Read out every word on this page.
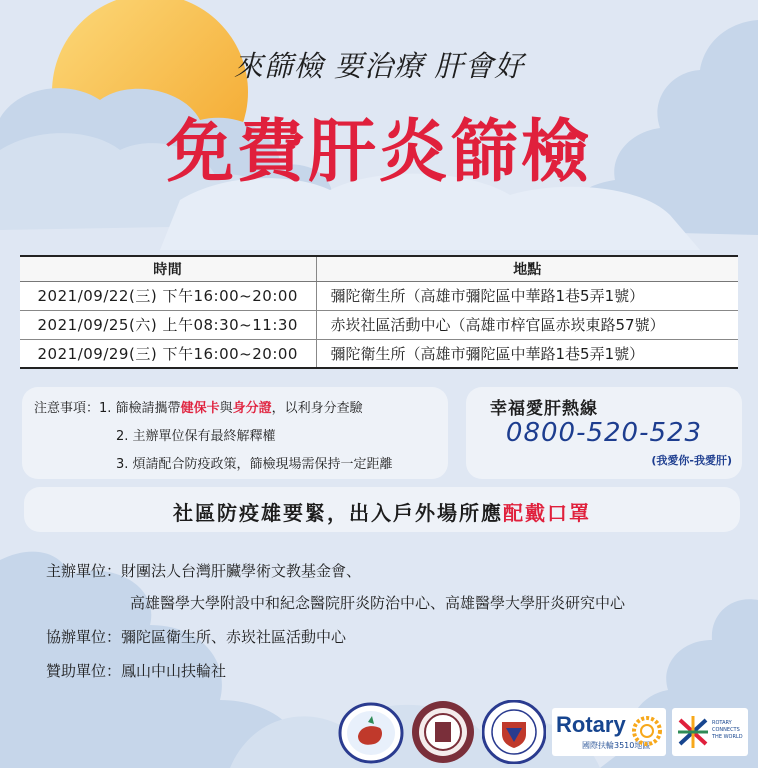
來篩檢 要治療 肝會好
免費肝炎篩檢
時間	地點
2021/09/22(三) 下午16:00~20:00	彌陀衛生所（高雄市彌陀區中華路1巷5弄1號）
2021/09/25(六) 上午08:30~11:30	赤崁社區活動中心（高雄市梓官區赤崁東路57號）
2021/09/29(三) 下午16:00~20:00	彌陀衛生所（高雄市彌陀區中華路1巷5弄1號）
注意事項：1. 篩檢請攜帶健保卡與身分證，以利身分查驗
2. 主辦單位保有最終解釋權
3. 煩請配合防疫政策，篩檢現場需保持一定距離
幸福愛肝熱線
0800-520-523
(我愛你-我愛肝)
社區防疫雄要緊，出入戶外場所應配戴口罩
主辦單位：財團法人台灣肝臟學術文教基金會、
高雄醫學大學附設中和紀念醫院肝炎防治中心、高雄醫學大學肝炎研究中心
協辦單位：彌陀區衛生所、赤崁社區活動中心
贊助單位：鳳山中山扶輪社
Rotary
國際扶輪3510地區
ROTARY CONNECTS THE WORLD
